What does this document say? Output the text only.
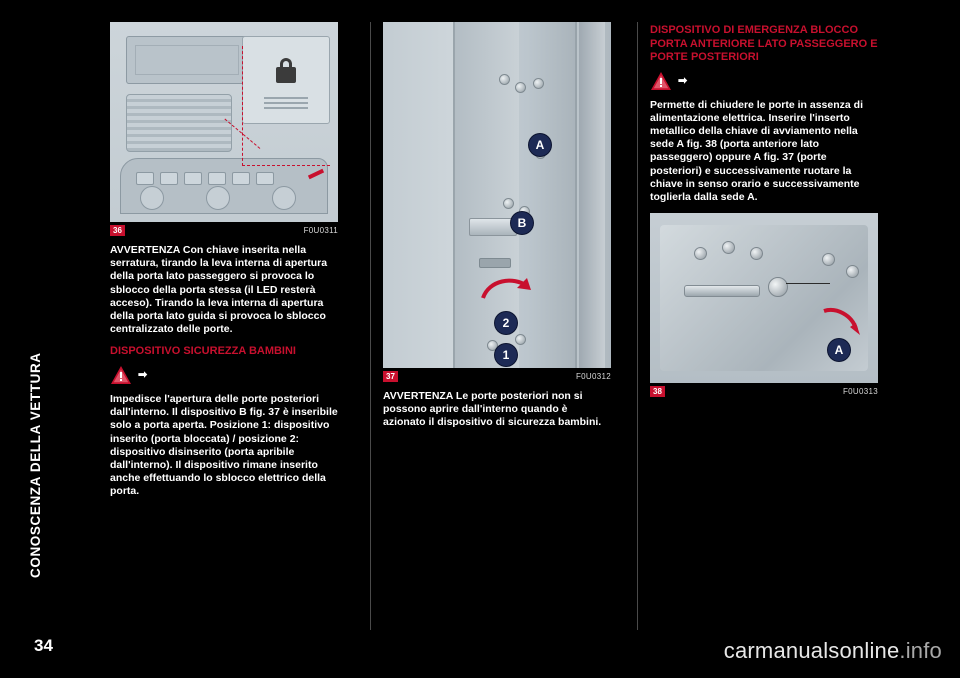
CONOSCENZA DELLA VETTURA
34
36	F0U0311

AVVERTENZA Con chiave inserita nella serratura, tirando la leva interna di apertura della porta lato passeggero si provoca lo sblocco della porta stessa (il LED resterà acceso). Tirando la leva interna di apertura della porta lato guida si provoca lo sblocco centralizzato delle porte.

DISPOSITIVO SICUREZZA BAMBINI
➡

Impedisce l'apertura delle porte posteriori dall'interno. Il dispositivo B fig. 37 è inseribile solo a porta aperta. Posizione 1: dispositivo inserito (porta bloccata) / posizione 2: dispositivo disinserito (porta apribile dall'interno). Il dispositivo rimane inserito anche effettuando lo sblocco elettrico della porta.

A
B
2
1
37	F0U0312

AVVERTENZA Le porte posteriori non si possono aprire dall'interno quando è azionato il dispositivo di sicurezza bambini.

DISPOSITIVO DI EMERGENZA BLOCCO PORTA ANTERIORE LATO PASSEGGERO E PORTE POSTERIORI
➡

Permette di chiudere le porte in assenza di alimentazione elettrica. Inserire l'inserto metallico della chiave di avviamento nella sede A fig. 38 (porta anteriore lato passeggero) oppure A fig. 37 (porte posteriori) e successivamente ruotare la chiave in senso orario e successivamente toglierla dalla sede A.

A
38	F0U0313
carmanualsonline.info
